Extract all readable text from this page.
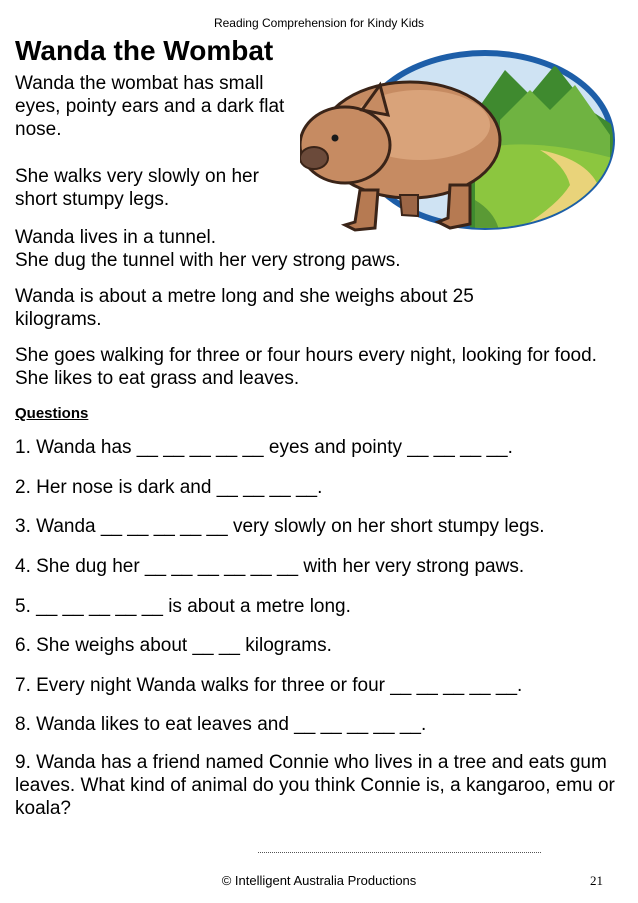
Reading Comprehension for Kindy Kids
Wanda the Wombat

Wanda the wombat has small eyes, pointy ears and a dark flat nose.

She walks very slowly on her short stumpy legs.

Wanda lives in a tunnel.

She dug the tunnel with her very strong paws.

Wanda is about a metre long and she weighs about 25 kilograms.

She goes walking for three or four hours every night, looking for food. She likes to eat grass and leaves.

Questions

1. Wanda has __ __ __ __ __ eyes and pointy __ __ __ __.

2. Her nose is dark and __ __ __ __.

3. Wanda __ __ __ __ __ very slowly on her short stumpy legs.

4. She dug her __ __ __ __ __ __ with her very strong paws.

5. __ __ __ __ __ is about a metre long.

6. She weighs about __ __ kilograms.

7. Every night Wanda walks for three or four __ __ __ __ __.

8. Wanda likes to eat leaves and __ __ __ __ __.

9. Wanda has a friend named Connie who lives in a tree and eats gum leaves. What kind of animal do you think Connie is, a kangaroo, emu or koala?

© Intelligent Australia Productions	21
